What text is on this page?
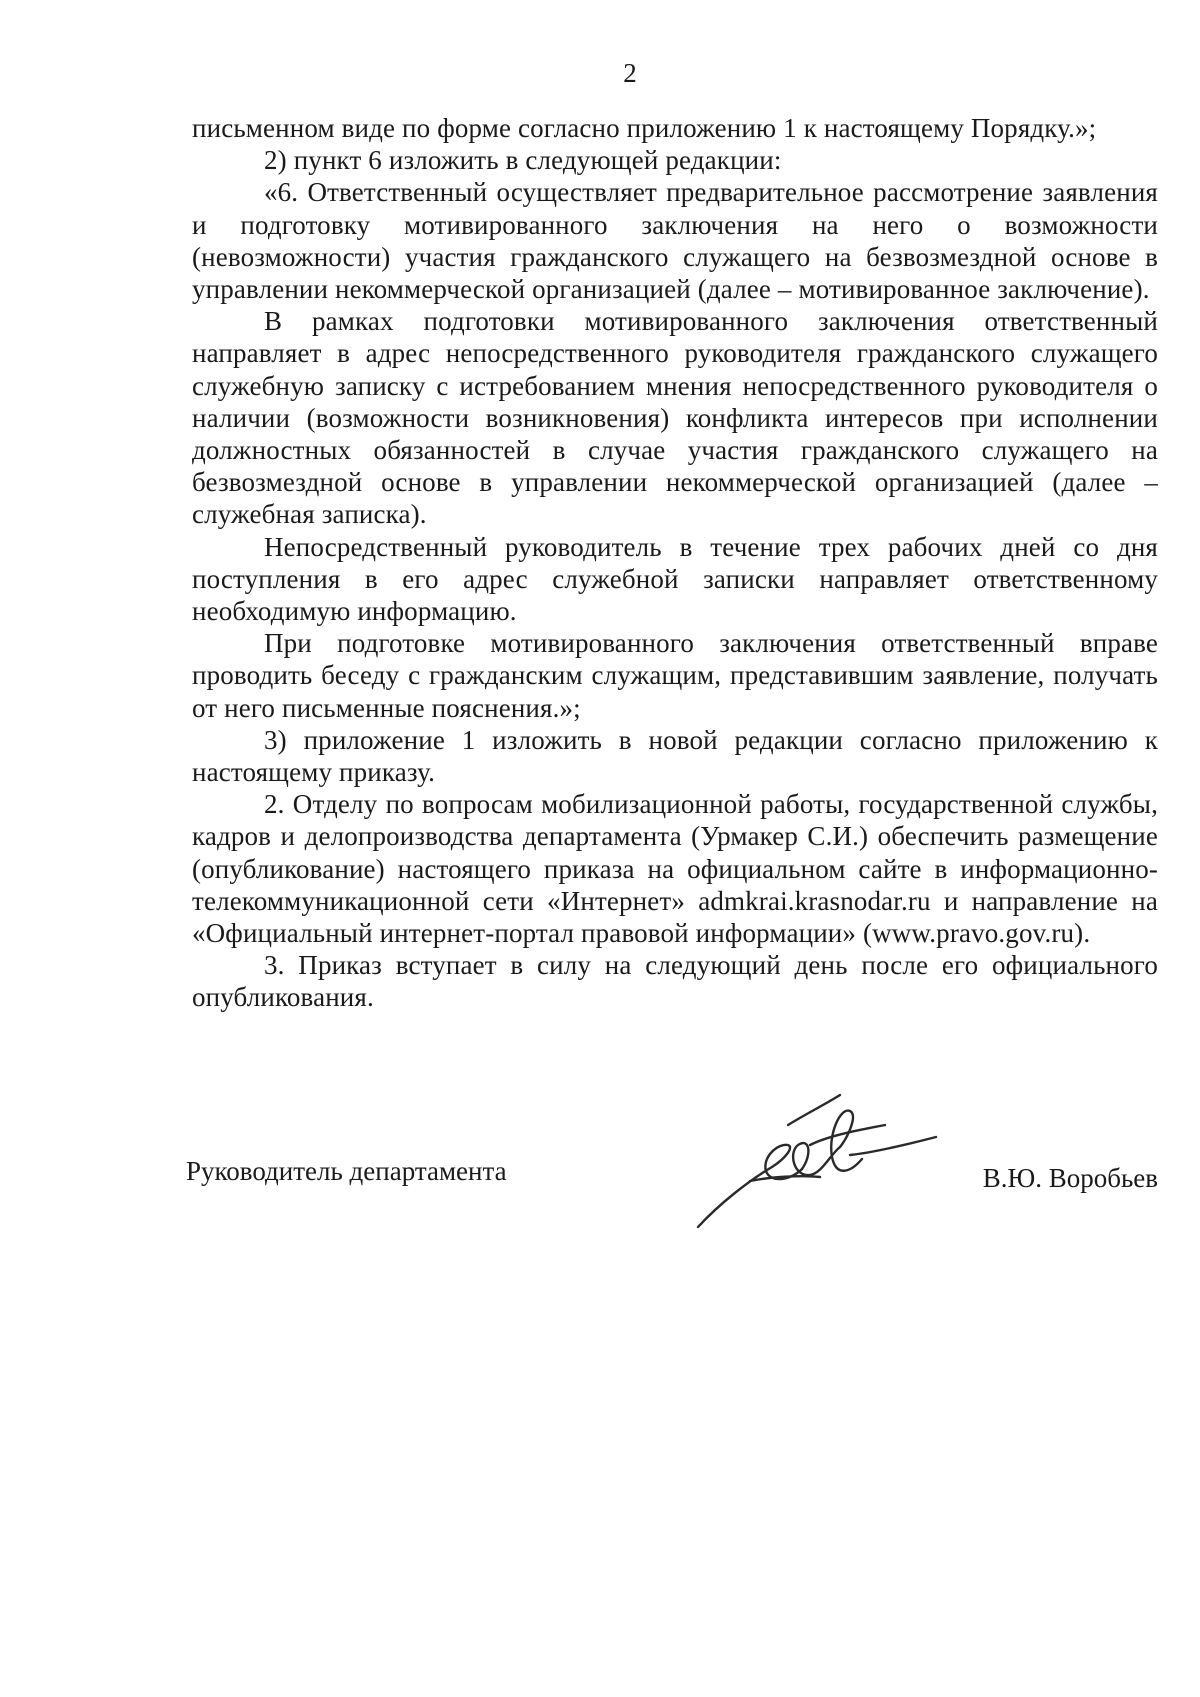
2

письменном виде по форме согласно приложению 1 к настоящему Порядку.»;

2) пункт 6 изложить в следующей редакции:

«6. Ответственный осуществляет предварительное рассмотрение заявления и подготовку мотивированного заключения на него о возможности (невозможности) участия гражданского служащего на безвозмездной основе в управлении некоммерческой организацией (далее – мотивированное заключение).

В рамках подготовки мотивированного заключения ответственный направляет в адрес непосредственного руководителя гражданского служащего служебную записку с истребованием мнения непосредственного руководителя о наличии (возможности возникновения) конфликта интересов при исполнении должностных обязанностей в случае участия гражданского служащего на безвозмездной основе в управлении некоммерческой организацией (далее – служебная записка).

Непосредственный руководитель в течение трех рабочих дней со дня поступления в его адрес служебной записки направляет ответственному необходимую информацию.

При подготовке мотивированного заключения ответственный вправе проводить беседу с гражданским служащим, представившим заявление, получать от него письменные пояснения.»;

3) приложение 1 изложить в новой редакции согласно приложению к настоящему приказу.

2. Отделу по вопросам мобилизационной работы, государственной службы, кадров и делопроизводства департамента (Урмакер С.И.) обеспечить размещение (опубликование) настоящего приказа на официальном сайте в информационно-телекоммуникационной сети «Интернет» admkrai.krasnodar.ru и направление на «Официальный интернет-портал правовой информации» (www.pravo.gov.ru).

3. Приказ вступает в силу на следующий день после его официального опубликования.

Руководитель департамента	В.Ю. Воробьев
